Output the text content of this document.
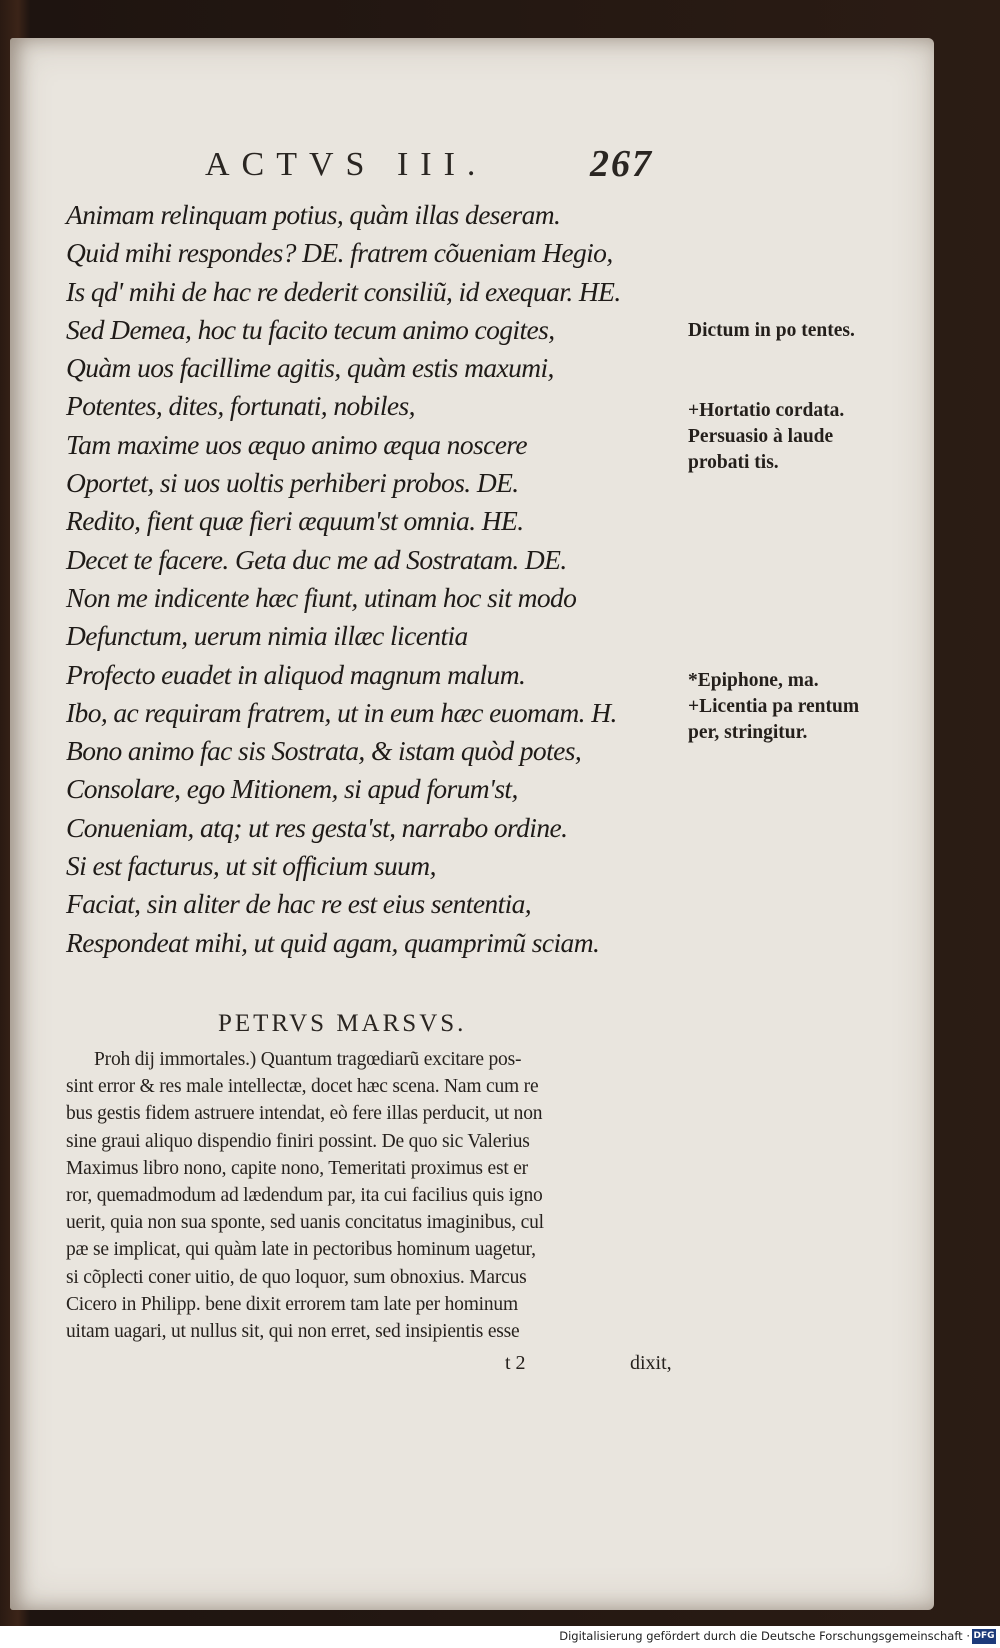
ACTVS III.	267
Animam relinquam potius, quàm illas deseram.
Quid mihi respondes? DE. fratrem cõueniam Hegio,
Is qd' mihi de hac re dederit consiliũ, id exequar. HE.
Sed Demea, hoc tu facito tecum animo cogites,
Quàm uos facillime agitis, quàm estis maxumi,
Potentes, dites, fortunati, nobiles,
Tam maxime uos æquo animo æqua noscere
Oportet, si uos uoltis perhiberi probos. DE.
Redito, fient quæ fieri æquum'st omnia. HE.
Decet te facere. Geta duc me ad Sostratam. DE.
Non me indicente hæc fiunt, utinam hoc sit modo
Defunctum, uerum nimia illæc licentia
Profecto euadet in aliquod magnum malum.
Ibo, ac requiram fratrem, ut in eum hæc euomam. H.
Bono animo fac sis Sostrata, & istam quòd potes,
Consolare, ego Mitionem, si apud forum'st,
Conueniam, atq; ut res gesta'st, narrabo ordine.
Si est facturus, ut sit officium suum,
Faciat, sin aliter de hac re est eius sententia,
Respondeat mihi, ut quid agam, quamprimũ sciam.
Dictum in po tentes.
+Hortatio cordata. Persuasio à laude probati tis.
*Epiphone, ma. +Licentia pa rentum per, stringitur.
PETRVS MARSVS.
Proh dij immortales.) Quantum tragœdiarũ excitare pos-
sint error & res male intellectæ, docet hæc scena. Nam cum re
bus gestis fidem astruere intendat, eò fere illas perducit, ut non
sine graui aliquo dispendio finiri possint. De quo sic Valerius
Maximus libro nono, capite nono, Temeritati proximus est er
ror, quemadmodum ad lædendum par, ita cui facilius quis igno
uerit, quia non sua sponte, sed uanis concitatus imaginibus, cul
pæ se implicat, qui quàm late in pectoribus hominum uagetur,
si cõplecti coner uitio, de quo loquor, sum obnoxius. Marcus
Cicero in Philipp. bene dixit errorem tam late per hominum
uitam uagari, ut nullus sit, qui non erret, sed insipientis esse
t 2	dixit,
Digitalisierung gefördert durch die Deutsche Forschungsgemeinschaft · DFG
